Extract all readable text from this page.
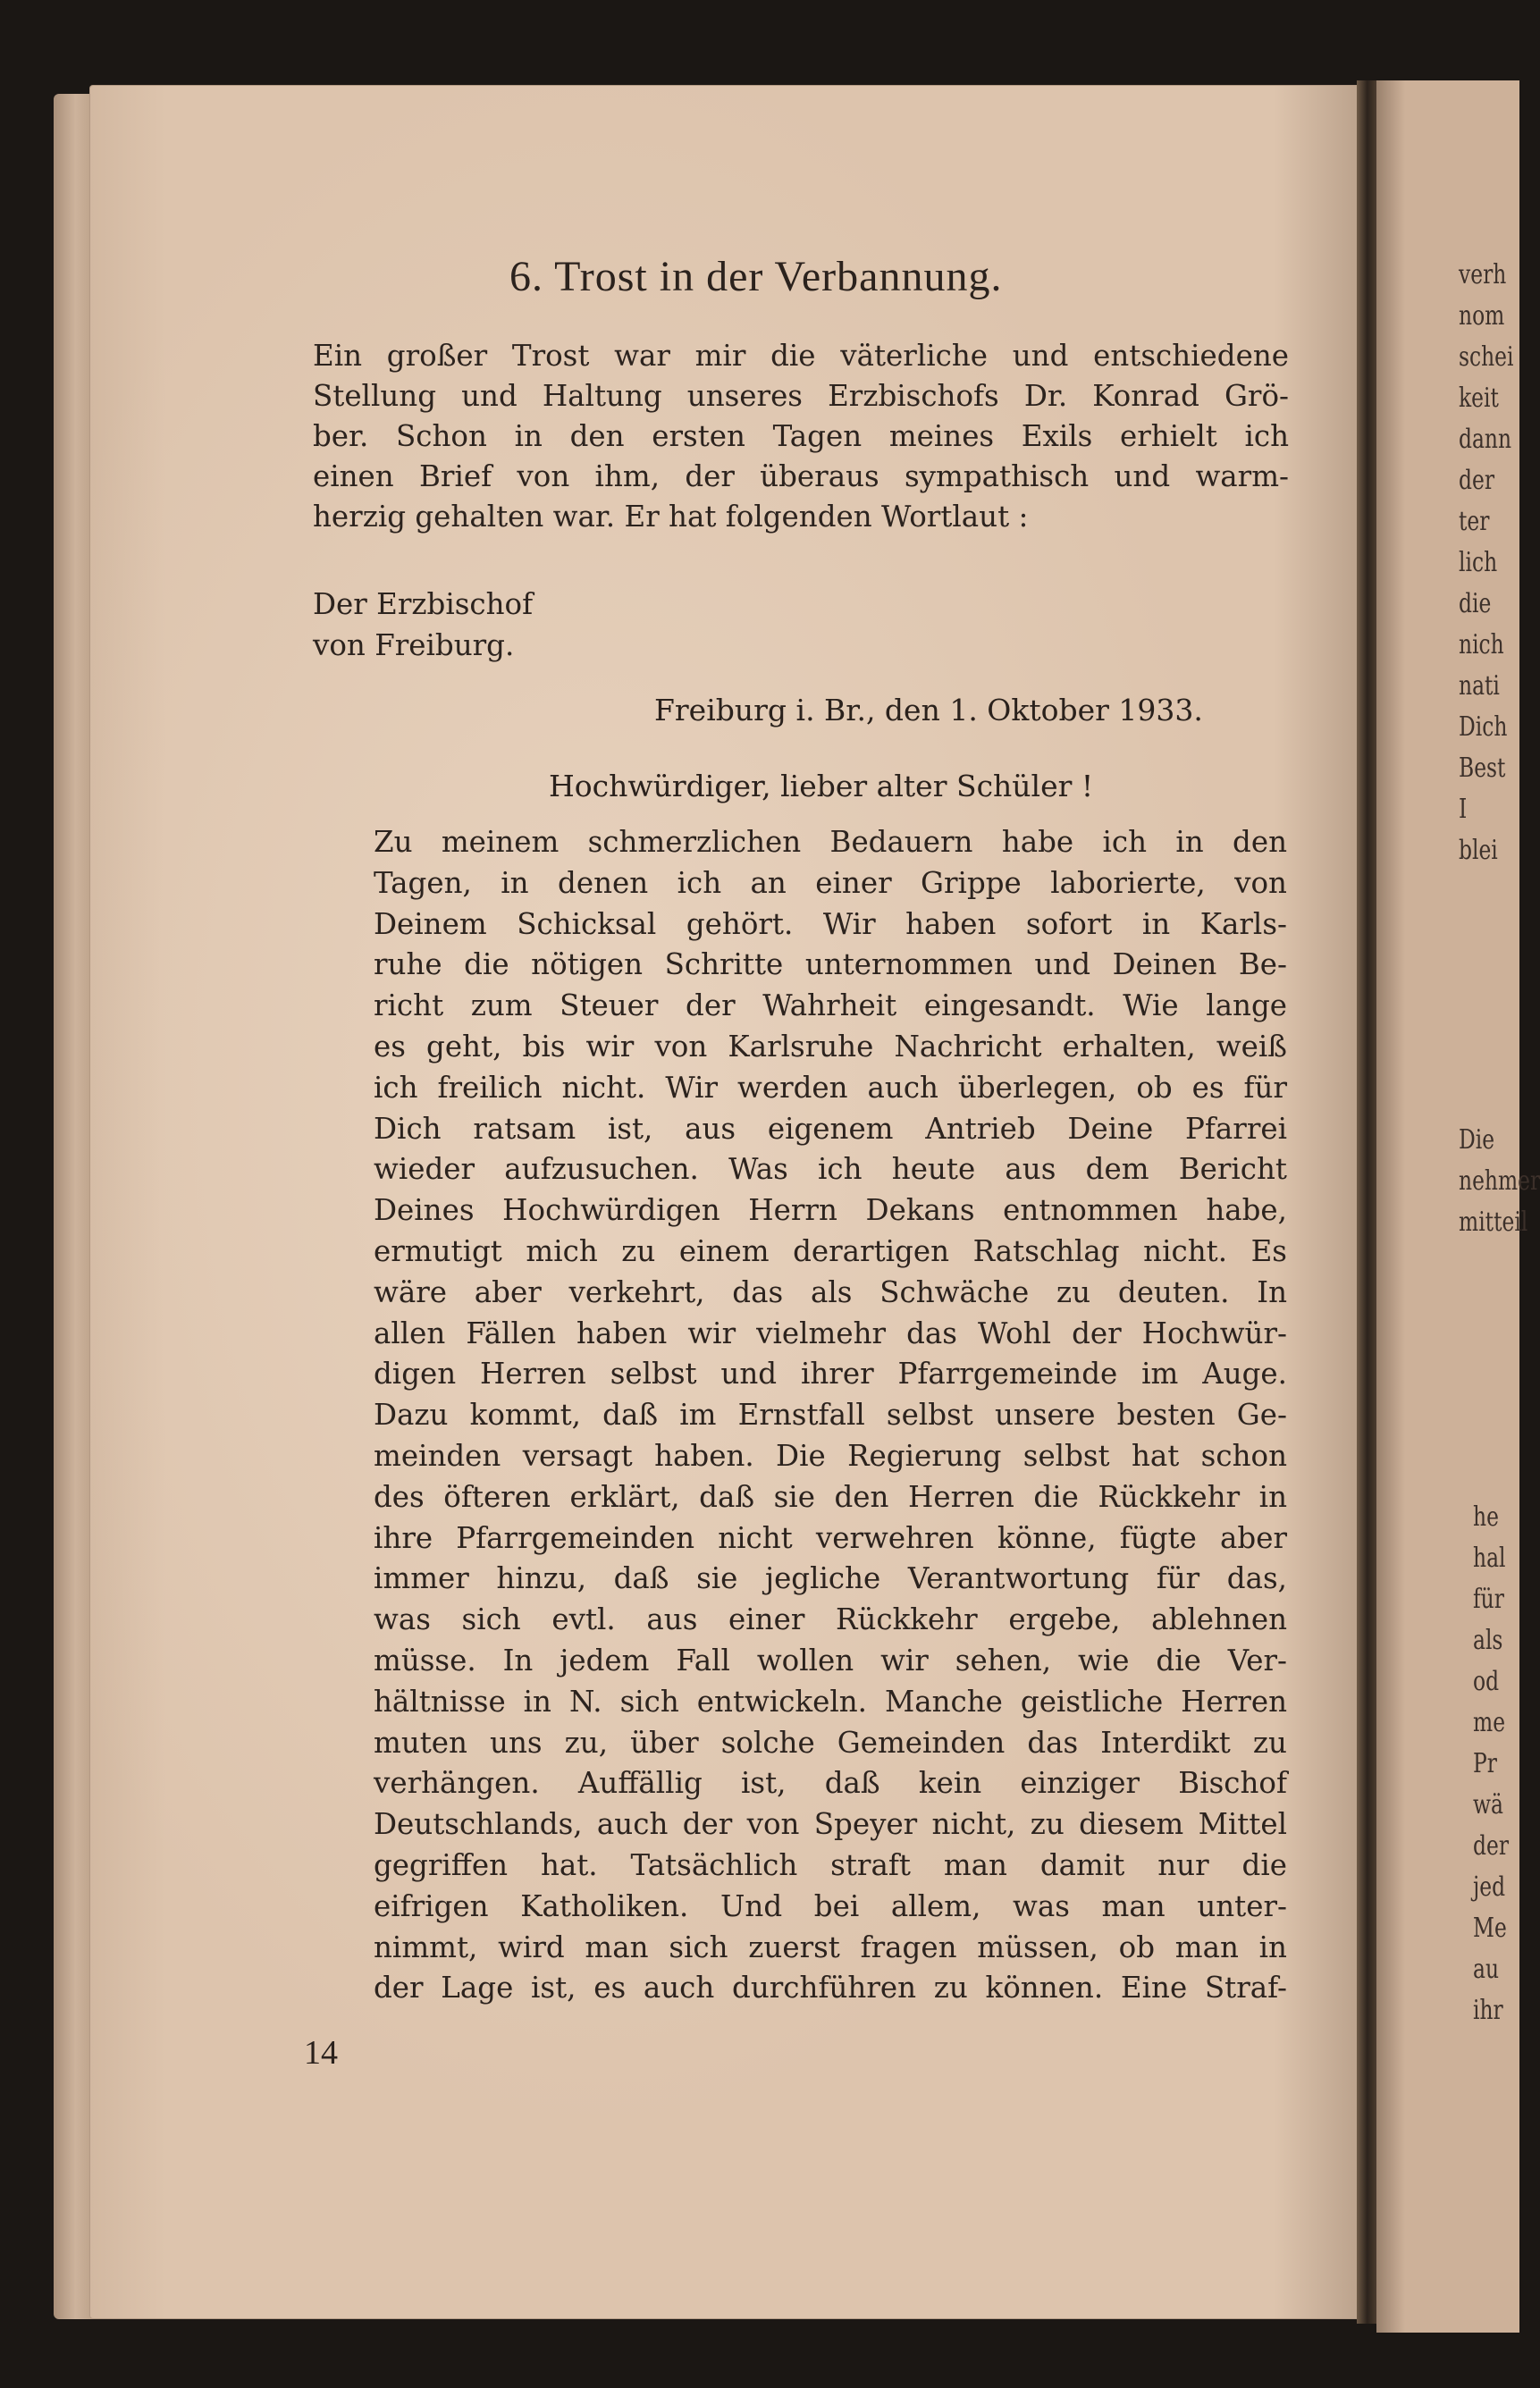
verh
nom
schei
keit
dann
der
ter
lich
die
nich
nati
Dich
Best
I
blei
Die
nehmer
mitteil
he
hal
für
als
od
me
Pr
wä
der
jed
Me
au
ihr
6. Trost in der Verbannung.
Freiburg i. Br., den 1. Oktober 1933.
Hochwürdiger, lieber alter Schüler !
14
Ein großer Trost war mir die väterliche und entschiedene
Stellung und Haltung unseres Erzbischofs Dr. Konrad Grö-
ber. Schon in den ersten Tagen meines Exils erhielt ich
einen Brief von ihm, der überaus sympathisch und warm-
herzig gehalten war. Er hat folgenden Wortlaut :
Der Erzbischof
von Freiburg.
Zu meinem schmerzlichen Bedauern habe ich in den
Tagen, in denen ich an einer Grippe laborierte, von
Deinem Schicksal gehört. Wir haben sofort in Karls-
ruhe die nötigen Schritte unternommen und Deinen Be-
richt zum Steuer der Wahrheit eingesandt. Wie lange
es geht, bis wir von Karlsruhe Nachricht erhalten, weiß
ich freilich nicht. Wir werden auch überlegen, ob es für
Dich ratsam ist, aus eigenem Antrieb Deine Pfarrei
wieder aufzusuchen. Was ich heute aus dem Bericht
Deines Hochwürdigen Herrn Dekans entnommen habe,
ermutigt mich zu einem derartigen Ratschlag nicht. Es
wäre aber verkehrt, das als Schwäche zu deuten. In
allen Fällen haben wir vielmehr das Wohl der Hochwür-
digen Herren selbst und ihrer Pfarrgemeinde im Auge.
Dazu kommt, daß im Ernstfall selbst unsere besten Ge-
meinden versagt haben. Die Regierung selbst hat schon
des öfteren erklärt, daß sie den Herren die Rückkehr in
ihre Pfarrgemeinden nicht verwehren könne, fügte aber
immer hinzu, daß sie jegliche Verantwortung für das,
was sich evtl. aus einer Rückkehr ergebe, ablehnen
müsse. In jedem Fall wollen wir sehen, wie die Ver-
hältnisse in N. sich entwickeln. Manche geistliche Herren
muten uns zu, über solche Gemeinden das Interdikt zu
verhängen. Auffällig ist, daß kein einziger Bischof
Deutschlands, auch der von Speyer nicht, zu diesem Mittel
gegriffen hat. Tatsächlich straft man damit nur die
eifrigen Katholiken. Und bei allem, was man unter-
nimmt, wird man sich zuerst fragen müssen, ob man in
der Lage ist, es auch durchführen zu können. Eine Straf-
